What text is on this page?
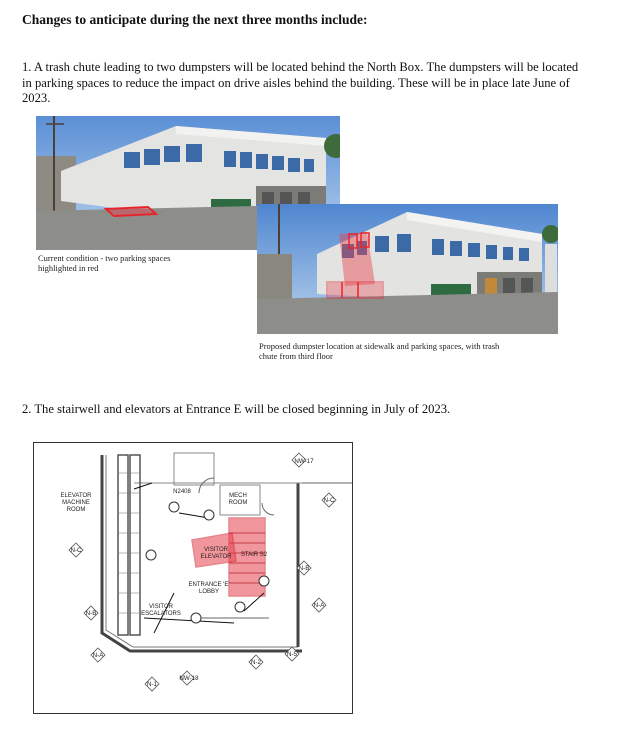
Changes to anticipate during the next three months include:
1. A trash chute leading to two dumpsters will be located behind the North Box. The dumpsters will be located in parking spaces to reduce the impact on drive aisles behind the building. These will be in place late June of 2023.
Current condition - two parking spaces highlighted in red
Proposed dumpster location at sidewalk and parking spaces, with trash chute from third floor
2. The stairwell and elevators at Entrance E will be closed beginning in July of 2023.
NW-17
N-C
N-C
N-B
N-A
N-B
N-A
N-1
NW-18
N-2
N-5
ELEVATOR
MACHINE
ROOM
MECH
ROOM
N2408
VISITOR
ELEVATOR STAIR S2
ENTRANCE 'E'
LOBBY
VISITOR
ESCALATORS
